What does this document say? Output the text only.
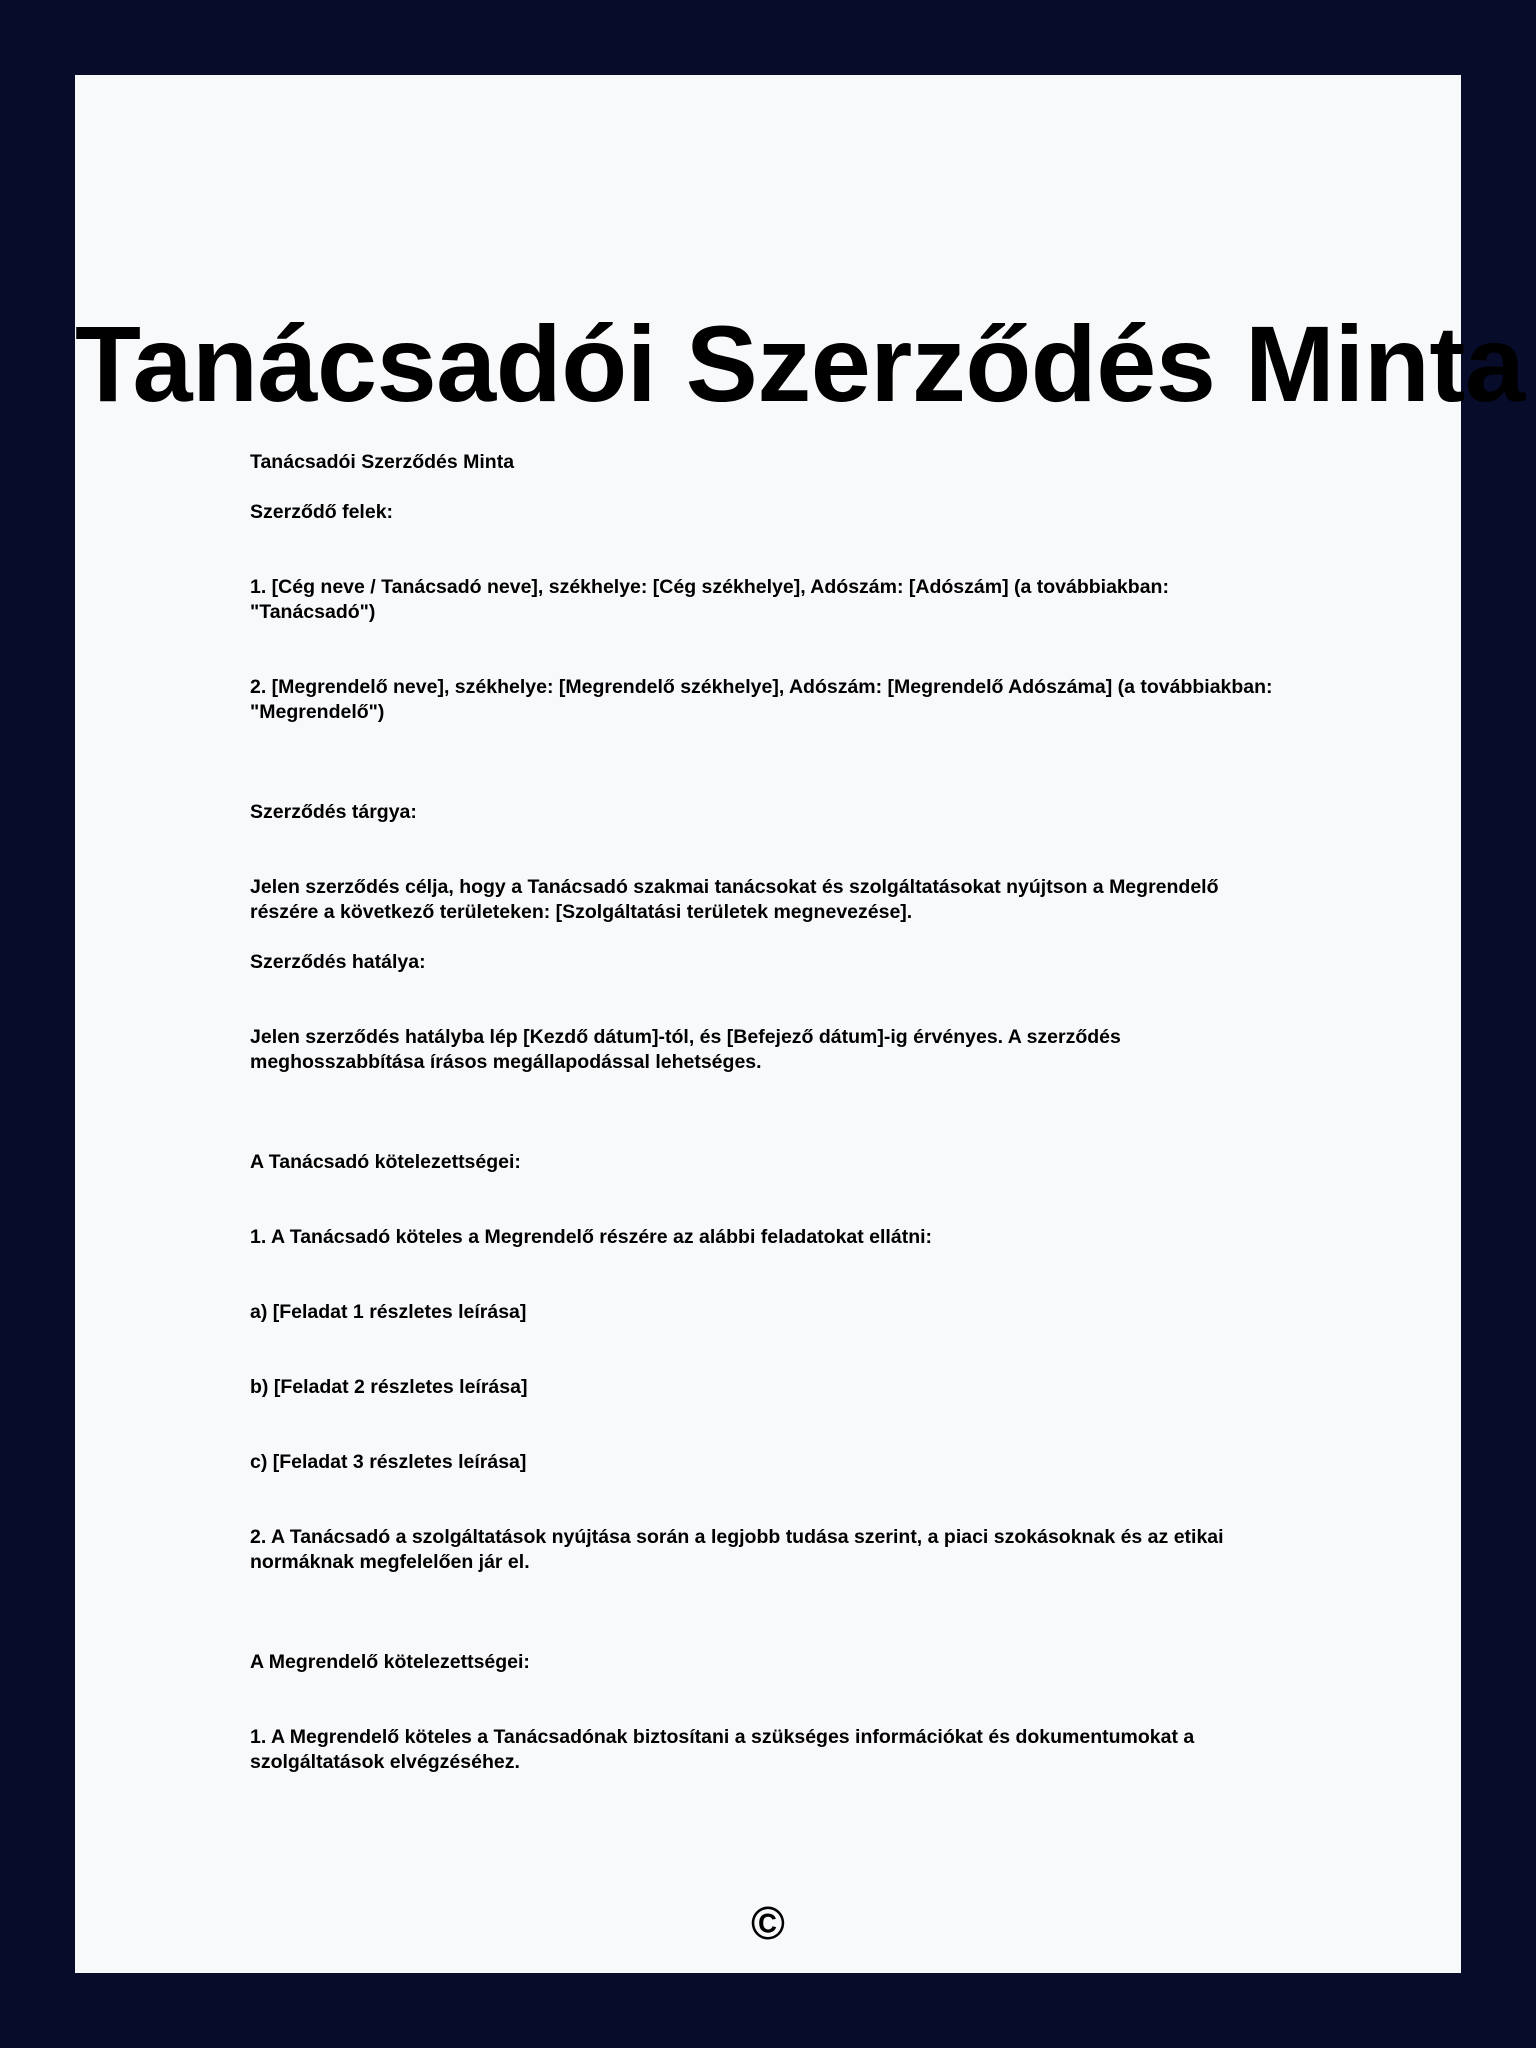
Tanácsadói Szerződés Minta

Tanácsadói Szerződés Minta

Szerződő felek:

1. [Cég neve / Tanácsadó neve], székhelye: [Cég székhelye], Adószám: [Adószám] (a továbbiakban: "Tanácsadó")

2. [Megrendelő neve], székhelye: [Megrendelő székhelye], Adószám: [Megrendelő Adószáma] (a továbbiakban: "Megrendelő")

Szerződés tárgya:

Jelen szerződés célja, hogy a Tanácsadó szakmai tanácsokat és szolgáltatásokat nyújtson a Megrendelő részére a következő területeken: [Szolgáltatási területek megnevezése].

Szerződés hatálya:

Jelen szerződés hatályba lép [Kezdő dátum]-tól, és [Befejező dátum]-ig érvényes. A szerződés meghosszabbítása írásos megállapodással lehetséges.

A Tanácsadó kötelezettségei:

1. A Tanácsadó köteles a Megrendelő részére az alábbi feladatokat ellátni:

a) [Feladat 1 részletes leírása]

b) [Feladat 2 részletes leírása]

c) [Feladat 3 részletes leírása]

2. A Tanácsadó a szolgáltatások nyújtása során a legjobb tudása szerint, a piaci szokásoknak és az etikai normáknak megfelelően jár el.

A Megrendelő kötelezettségei:

1. A Megrendelő köteles a Tanácsadónak biztosítani a szükséges információkat és dokumentumokat a szolgáltatások elvégzéséhez.

©
